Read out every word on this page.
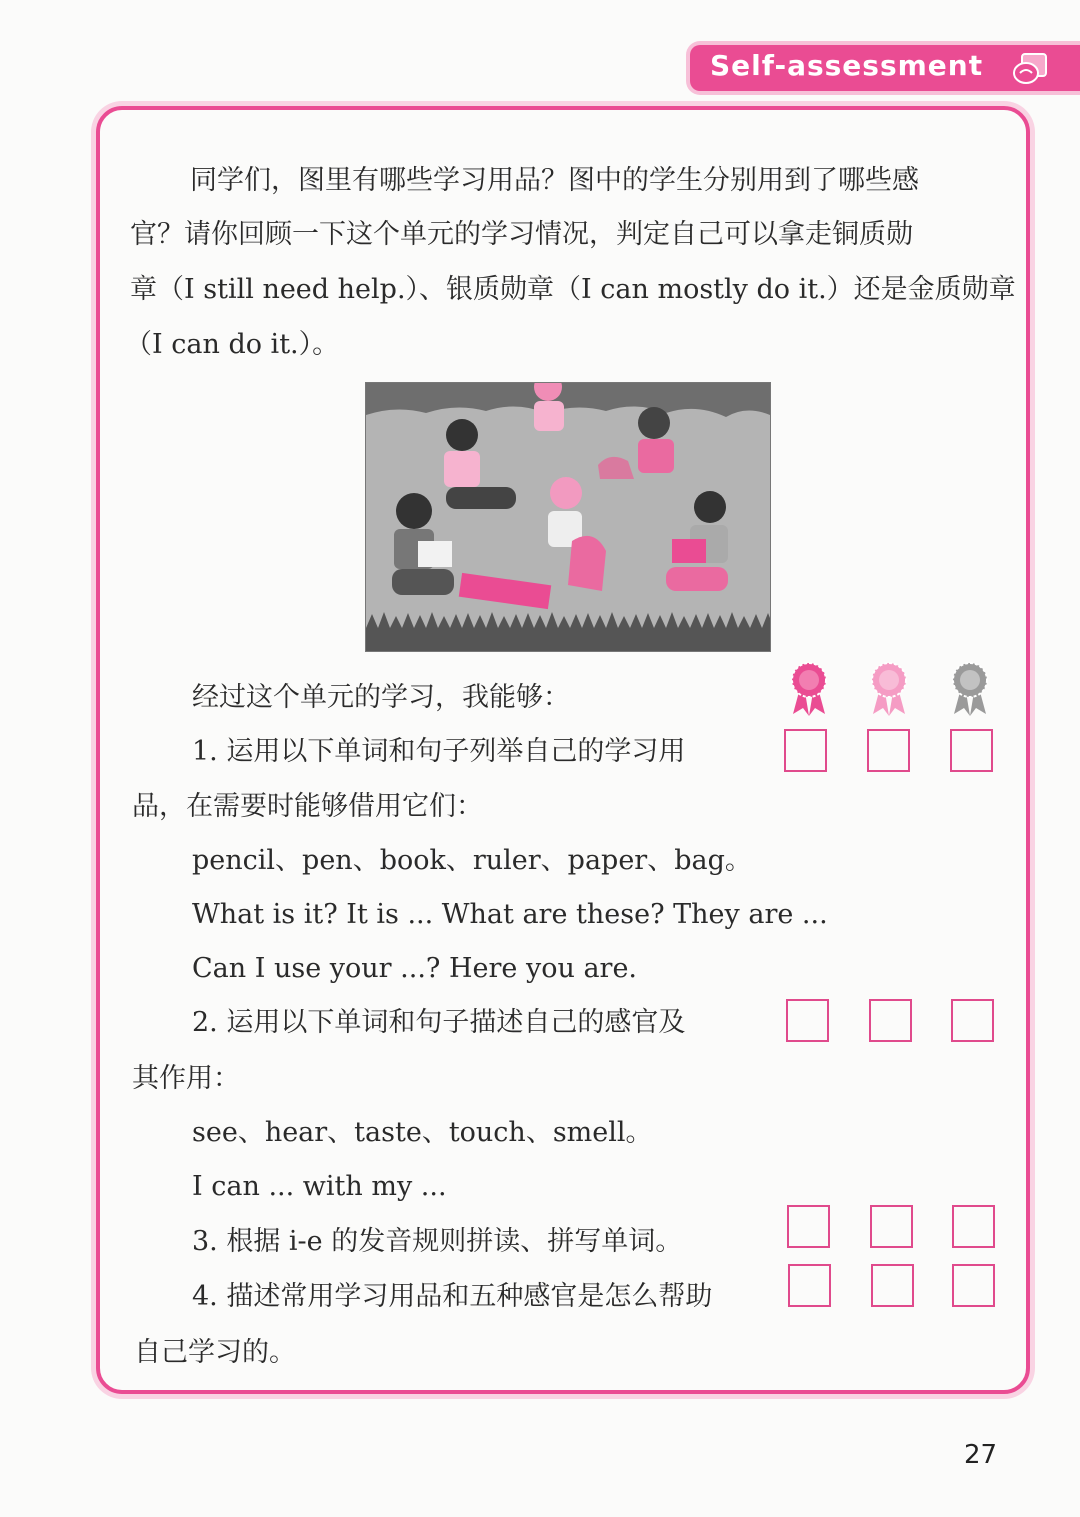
Self-assessment
同学们，图里有哪些学习用品？图中的学生分别用到了哪些感
官？请你回顾一下这个单元的学习情况，判定自己可以拿走铜质勋
章（I still need help.）、银质勋章（I can mostly do it.）还是金质勋章
（I can do it.）。
经过这个单元的学习，我能够：
1. 运用以下单词和句子列举自己的学习用
品，在需要时能够借用它们：
pencil、pen、book、ruler、paper、bag。
What is it? It is ... What are these? They are ...
Can I use your ...? Here you are.
2. 运用以下单词和句子描述自己的感官及
其作用：
see、hear、taste、touch、smell。
I can ... with my ...
3. 根据 i-e 的发音规则拼读、拼写单词。
4. 描述常用学习用品和五种感官是怎么帮助
自己学习的。
27
